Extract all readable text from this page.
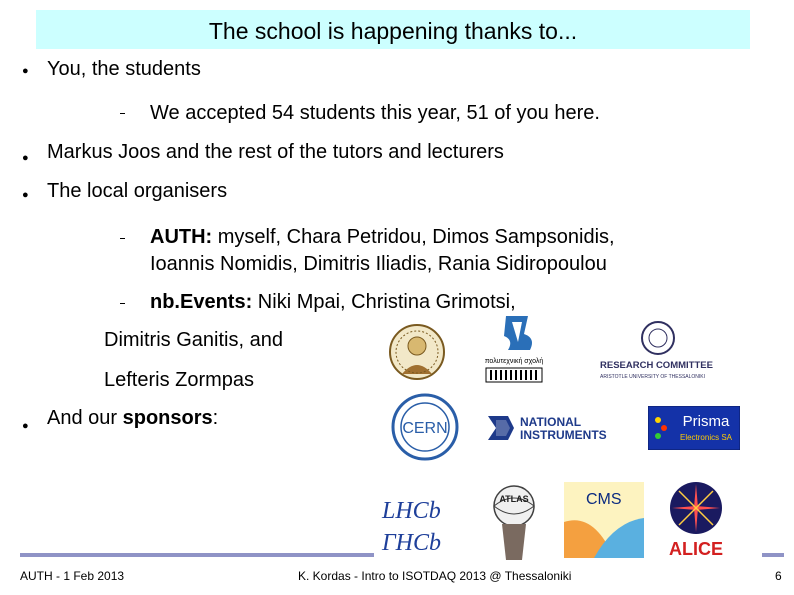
The school is happening thanks to...
● You, the students
We accepted 54 students this year, 51 of you here.
● Markus Joos and the rest of the tutors and lecturers
● The local organisers
AUTH: myself, Chara Petridou, Dimos Sampsonidis,
Ioannis Nomidis, Dimitris Iliadis, Rania Sidiropoulou
nb.Events: Niki Mpai, Christina Grimotsi,
Dimitris Ganitis, and
Lefteris Zormpas
● And our sponsors:
πολυτεχνική σχολή	RESEARCH COMMITTEE
ARISTOTLE UNIVERSITY OF THESSALONIKI
CERN	NATIONAL
INSTRUMENTS
Prisma
Electronics SA
LHCb
ΓΗCb
ATLAS	CMS
ALICE
AUTH - 1 Feb 2013	K. Kordas - Intro to ISOTDAQ 2013 @ Thessaloniki	6
